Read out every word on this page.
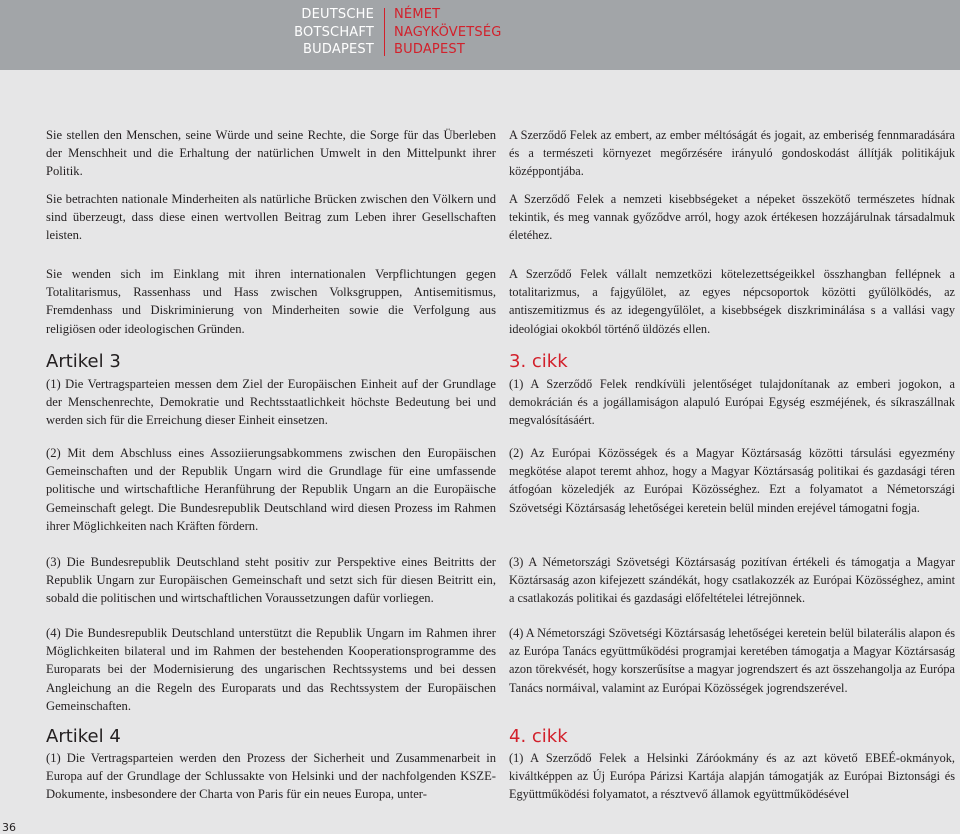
DEUTSCHE
BOTSCHAFT
BUDAPEST
NÉMET
NAGYKÖVETSÉG
BUDAPEST

Sie stellen den Menschen, seine Würde und seine Rechte, die Sorge für das Überleben der Menschheit und die Erhaltung der natürlichen Umwelt in den Mittelpunkt ihrer Politik.

Sie betrachten nationale Minderheiten als natürliche Brücken zwischen den Völkern und sind überzeugt, dass diese einen wertvollen Beitrag zum Leben ihrer Gesellschaften leisten.

Sie wenden sich im Einklang mit ihren internationalen Verpflichtungen gegen Totalitarismus, Rassenhass und Hass zwischen Volksgruppen, Antisemitismus, Fremdenhass und Diskriminierung von Minderheiten sowie die Verfolgung aus religiösen oder ideologischen Gründen.

Artikel 3

(1) Die Vertragsparteien messen dem Ziel der Europäischen Einheit auf der Grundlage der Menschenrechte, Demokratie und Rechtsstaatlichkeit höchste Bedeutung bei und werden sich für die Erreichung dieser Einheit einsetzen.

(2) Mit dem Abschluss eines Assoziierungsabkommens zwischen den Europäischen Gemeinschaften und der Republik Ungarn wird die Grundlage für eine umfassende politische und wirtschaftliche Heranführung der Republik Ungarn an die Europäische Gemeinschaft gelegt. Die Bundesrepublik Deutschland wird diesen Prozess im Rahmen ihrer Möglichkeiten nach Kräften fördern.

(3) Die Bundesrepublik Deutschland steht positiv zur Perspektive eines Beitritts der Republik Ungarn zur Europäischen Gemeinschaft und setzt sich für diesen Beitritt ein, sobald die politischen und wirtschaftlichen Voraussetzungen dafür vorliegen.

(4) Die Bundesrepublik Deutschland unterstützt die Republik Ungarn im Rahmen ihrer Möglichkeiten bilateral und im Rahmen der bestehenden Kooperationsprogramme des Europarats bei der Modernisierung des ungarischen Rechtssystems und bei dessen Angleichung an die Regeln des Europarats und das Rechtssystem der Europäischen Gemeinschaften.

Artikel 4

(1) Die Vertragsparteien werden den Prozess der Sicherheit und Zusammenarbeit in Europa auf der Grundlage der Schlussakte von Helsinki und der nachfolgenden KSZE-Dokumente, insbesondere der Charta von Paris für ein neues Europa, unter-

A Szerződő Felek az embert, az ember méltóságát és jogait, az emberiség fennmaradására és a természeti környezet megőrzésére irányuló gondoskodást állítják politikájuk középpontjába.

A Szerződő Felek a nemzeti kisebbségeket a népeket összekötő természetes hídnak tekintik, és meg vannak győződve arról, hogy azok értékesen hozzájárulnak társadalmuk életéhez.

A Szerződő Felek vállalt nemzetközi kötelezettségeikkel összhangban fellépnek a totalitarizmus, a fajgyűlölet, az egyes népcsoportok közötti gyűlölködés, az antiszemitizmus és az idegengyűlölet, a kisebbségek diszkriminálása s a vallási vagy ideológiai okokból történő üldözés ellen.

3. cikk

(1) A Szerződő Felek rendkívüli jelentőséget tulajdonítanak az emberi jogokon, a demokrácián és a jogállamiságon alapuló Európai Egység eszméjének, és síkraszállnak megvalósításáért.

(2) Az Európai Közösségek és a Magyar Köztársaság közötti társulási egyezmény megkötése alapot teremt ahhoz, hogy a Magyar Köztársaság politikai és gazdasági téren átfogóan közeledjék az Európai Közösséghez. Ezt a folyamatot a Németországi Szövetségi Köztársaság lehetőségei keretein belül minden erejével támogatni fogja.

(3) A Németországi Szövetségi Köztársaság pozitívan értékeli és támogatja a Magyar Köztársaság azon kifejezett szándékát, hogy csatlakozzék az Európai Közösséghez, amint a csatlakozás politikai és gazdasági előfeltételei létrejönnek.

(4) A Németországi Szövetségi Köztársaság lehetőségei keretein belül bilaterális alapon és az Európa Tanács együttműködési programjai keretében támogatja a Magyar Köztársaság azon törekvését, hogy korszerűsítse a magyar jogrendszert és azt összehangolja az Európa Tanács normáival, valamint az Európai Közösségek jogrendszerével.

4. cikk

(1) A Szerződő Felek a Helsinki Záróokmány és az azt követő EBEÉ-okmányok, kiváltképpen az Új Európa Párizsi Kartája alapján támogatják az Európai Biztonsági és Együttműködési folyamatot, a résztvevő államok együttműködésével

36
